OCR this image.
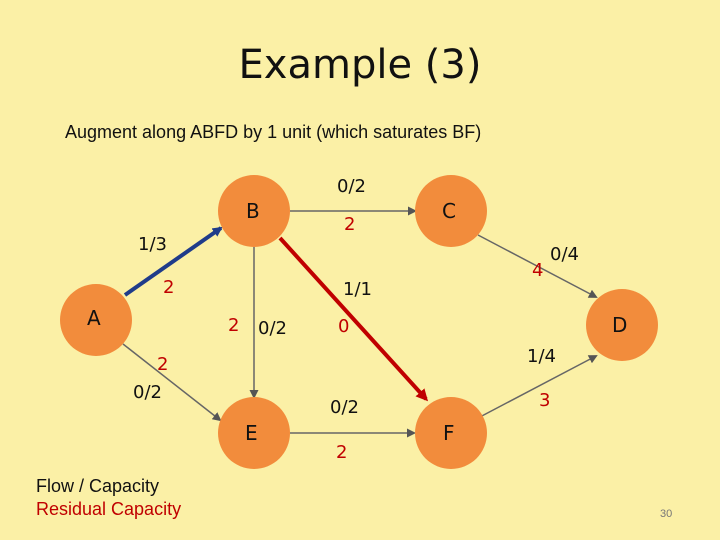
Example (3)
Augment along ABFD by 1 unit (which saturates BF)
B	C
A	D
E	F
0/2
2
1/3
2
0/4
4
1/1
0
2 0/2
2
0/2
1/4
3
0/2
2
Flow / Capacity
Residual Capacity	30
